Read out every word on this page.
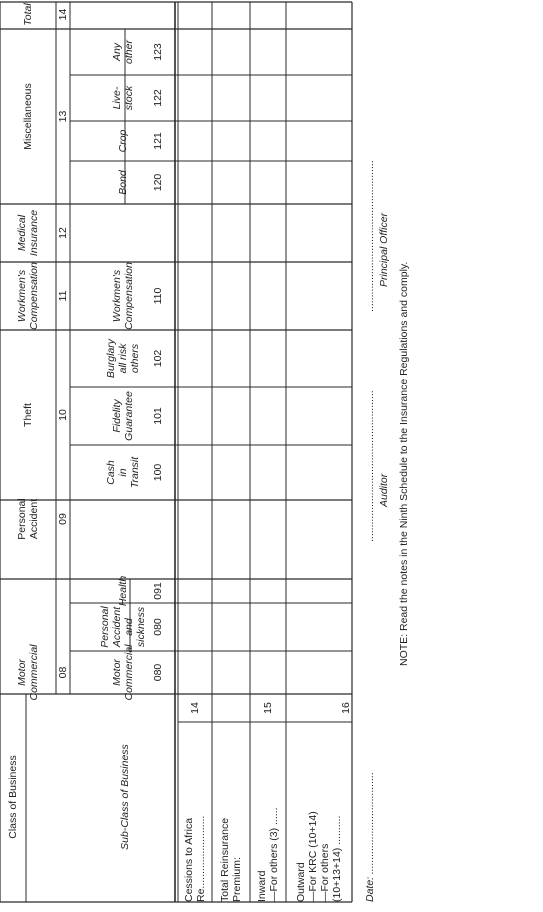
Class of Business	Sub-Class of Business
Motor
Commercial
Personal
Accident
Theft
Workmen's
Compensation
Medical
Insurance
Miscellaneous
Total
08
09
10
11
12
13
14
Motor
Commercial
Personal
Accident
and
sickness
Health
Cash
in
Transit
Fidelity
Guarantee
Burglary
all risk
others
Workmen's
Compensation
Bond
Crop
Live-
stock
Any
other
080
080
091
100
101
102
110
120
121
122
123
Cessions to Africa
Re.........................
14
Total Reinsurance
Premium:	Inward
—For others (3) ......
15
Outward
—For KRC (10+14)
—For others
(10+13+14) ..........
16
Date: ...................................
.................................................... Auditor
.................................................... Principal Officer
NOTE: Read the notes in the Ninth Schedule to the Insurance Regulations and comply.
